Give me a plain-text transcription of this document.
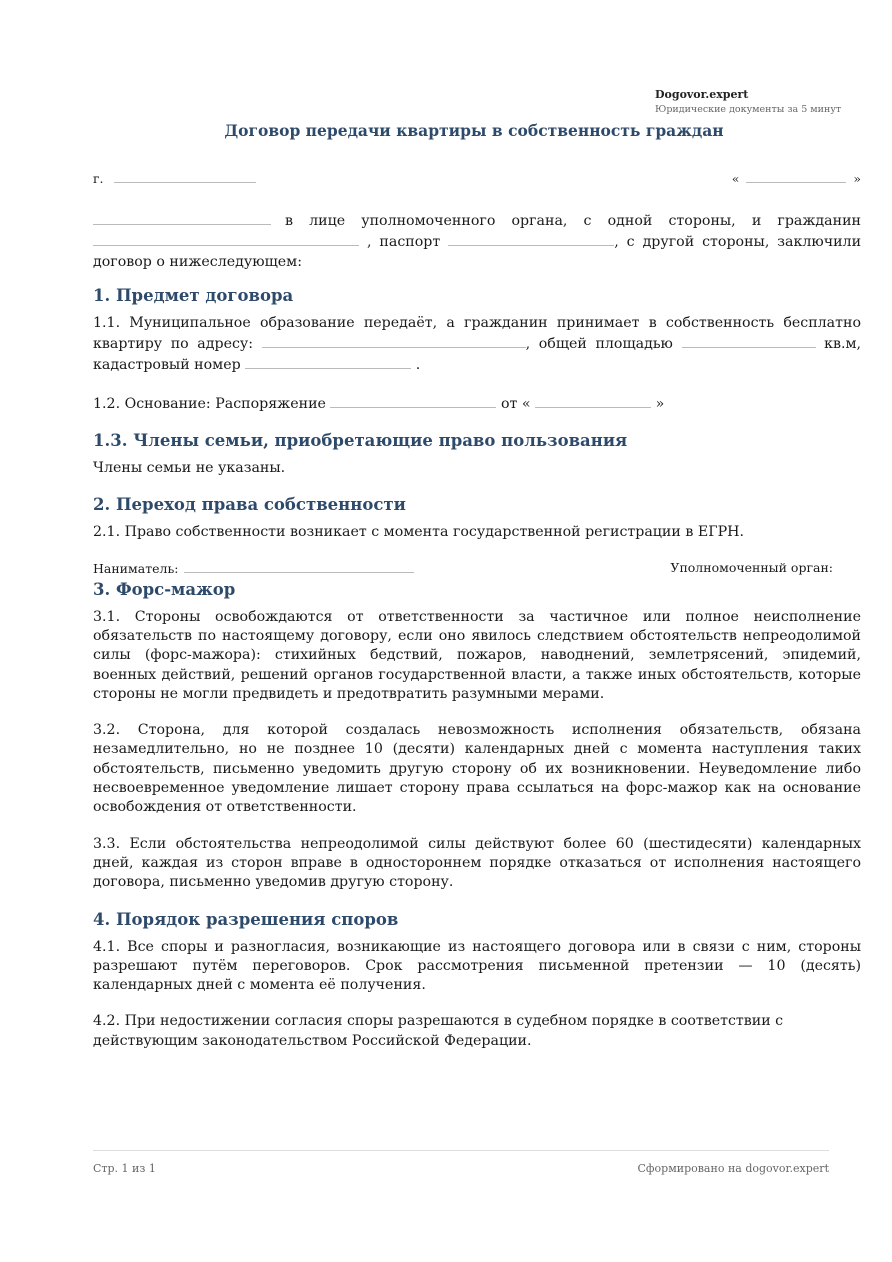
Dogovor.expert
Юридические документы за 5 минут
Договор передачи квартиры в собственность граждан
г.	«	»
в лице уполномоченного органа, с одной стороны, и гражданин  , паспорт	, с другой стороны, заключили договор о нижеследующем:
1. Предмет договора

1.1. Муниципальное образование передаёт, а гражданин принимает в собственность бесплатно квартиру по адресу:	, общей площадью	кв.м, кадастровый номер	.

1.2. Основание: Распоряжение	от «	»

1.3. Члены семьи, приобретающие право пользования

Члены семьи не указаны.

2. Переход права собственности

2.1. Право собственности возникает с момента государственной регистрации в ЕГРН.

Наниматель:	Уполномоченный орган:
3. Форс-мажор

3.1. Стороны освобождаются от ответственности за частичное или полное неисполнение обязательств по настоящему договору, если оно явилось следствием обстоятельств непреодолимой силы (форс-мажора): стихийных бедствий, пожаров, наводнений, землетрясений, эпидемий, военных действий, решений органов государственной власти, а также иных обстоятельств, которые стороны не могли предвидеть и предотвратить разумными мерами.

3.2. Сторона, для которой создалась невозможность исполнения обязательств, обязана незамедлительно, но не позднее 10 (десяти) календарных дней с момента наступления таких обстоятельств, письменно уведомить другую сторону об их возникновении. Неуведомление либо несвоевременное уведомление лишает сторону права ссылаться на форс-мажор как на основание освобождения от ответственности.

3.3. Если обстоятельства непреодолимой силы действуют более 60 (шестидесяти) календарных дней, каждая из сторон вправе в одностороннем порядке отказаться от исполнения настоящего договора, письменно уведомив другую сторону.

4. Порядок разрешения споров

4.1. Все споры и разногласия, возникающие из настоящего договора или в связи с ним, стороны разрешают путём переговоров. Срок рассмотрения письменной претензии — 10 (десять) календарных дней с момента её получения.

4.2. При недостижении согласия споры разрешаются в судебном порядке в соответствии с действующим законодательством Российской Федерации.

Стр. 1 из 1	Сформировано на dogovor.expert
